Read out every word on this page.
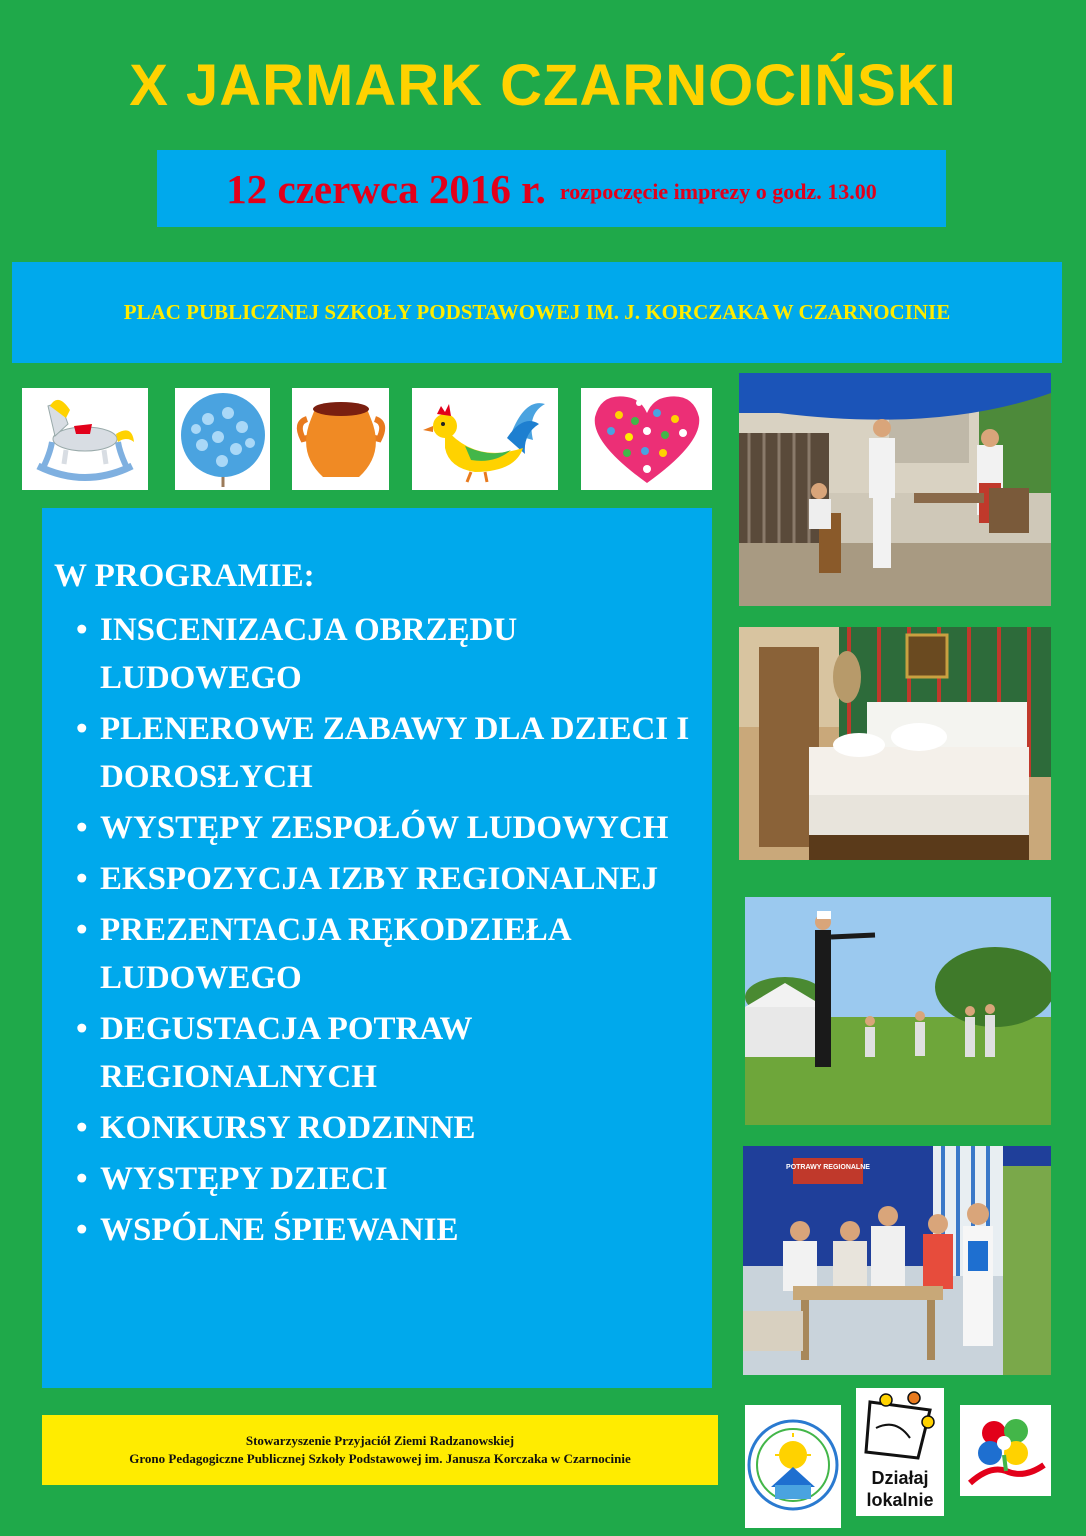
X JARMARK CZARNOCIŃSKI
12 czerwca 2016 r. rozpoczęcie imprezy o godz. 13.00
PLAC PUBLICZNEJ SZKOŁY PODSTAWOWEJ IM. J. KORCZAKA W CZARNOCINIE
W PROGRAMIE:
• INSCENIZACJA OBRZĘDU LUDOWEGO
• PLENEROWE ZABAWY DLA DZIECI I DOROSŁYCH
• WYSTĘPY ZESPOŁÓW LUDOWYCH
• EKSPOZYCJA IZBY REGIONALNEJ
• PREZENTACJA RĘKODZIEŁA LUDOWEGO
• DEGUSTACJA POTRAW REGIONALNYCH
• KONKURSY RODZINNE
• WYSTĘPY DZIECI
• WSPÓLNE ŚPIEWANIE
POTRAWY REGIONALNE
Stowarzyszenie Przyjaciół Ziemi Radzanowskiej
Grono Pedagogiczne Publicznej Szkoły Podstawowej im. Janusza Korczaka w Czarnocinie
Działaj
lokalnie
